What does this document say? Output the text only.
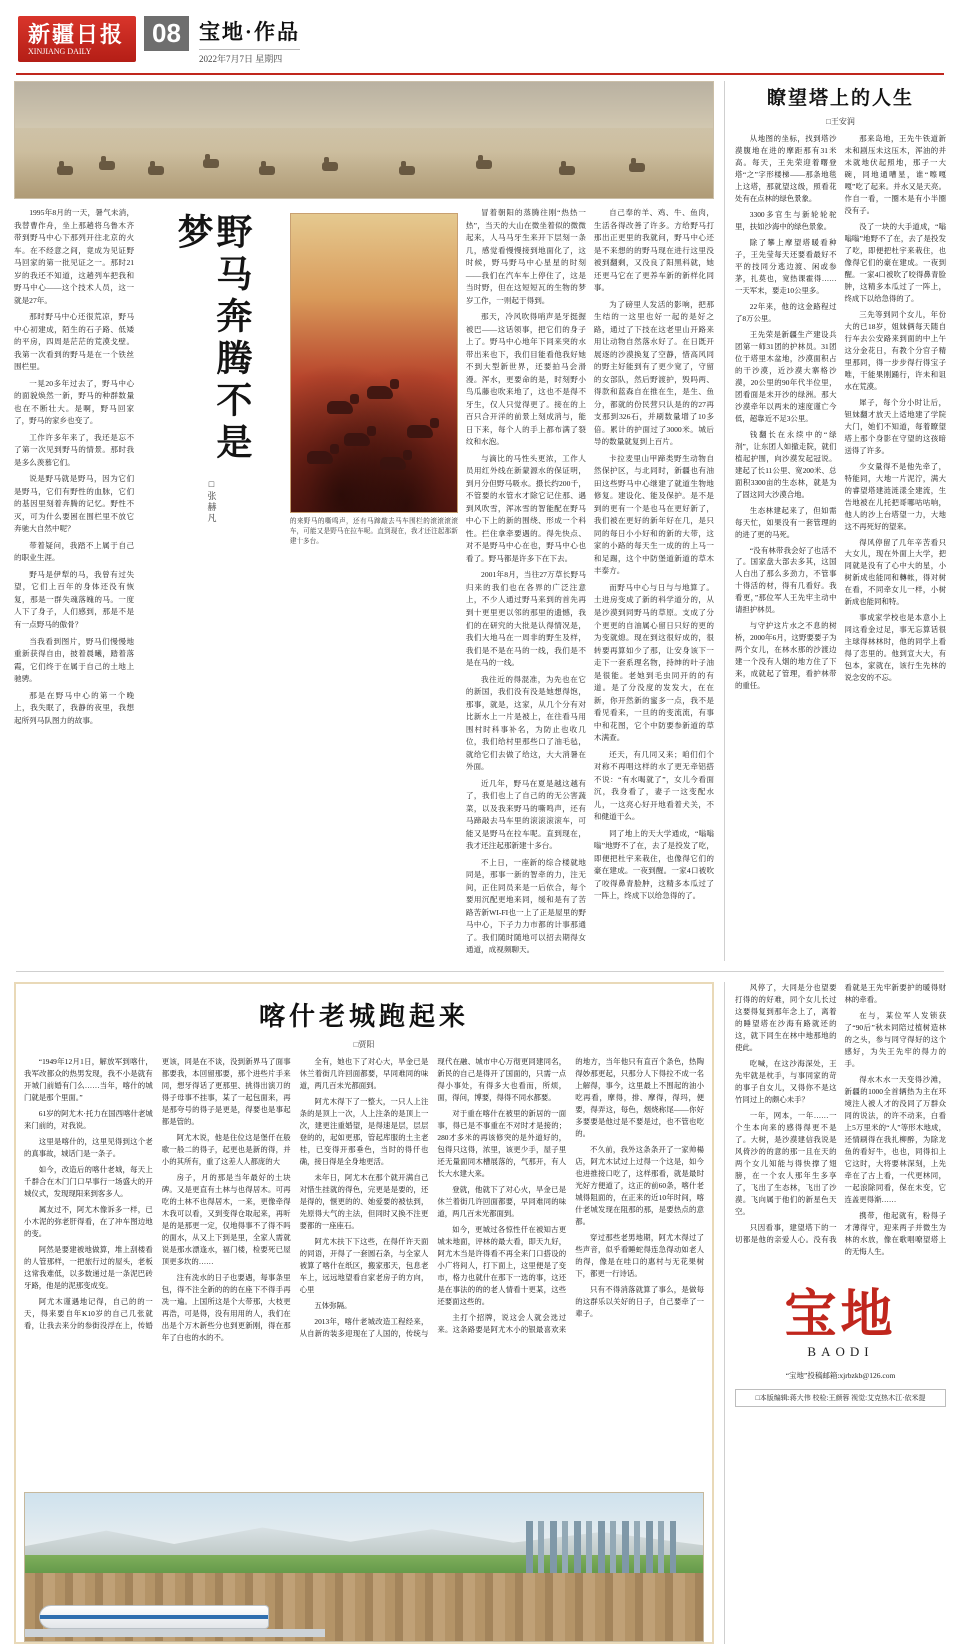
新疆日报
XINJIANG DAILY
08 宝地·作品
2022年7月7日 星期四

1995年8月的一天，暑气未消，我替曹作舟，坐上那趟将乌鲁木齐带到野马中心下那列开往北京的火车。在不经意之间，竟成为见证野马回家的第一批见证之一。那时21岁的我还不知道，这趟列车把我和野马中心——这个技术人员，这一就是27年。

那时野马中心还很荒凉，野马中心初建成，陌生的石子路、低矮的平房，四周是茫茫的荒漠戈壁。我第一次看到的野马是在一个铁丝围栏里。

一晃20多年过去了，野马中心的面貌焕然一新，野马的种群数量也在不断壮大。是啊，野马回家了，野马的家乡也变了。

工作许多年来了，我还是忘不了第一次见到野马的情景。那时我是多么羡慕它们。

说是野马就是野马，因为它们是野马，它们有野性的血脉，它们的基因里刻着奔腾的记忆。野性不灭，可为什么要困在围栏里不放它奔驰大自然中呢？

带着疑问，我踏不上属于自己的职业生涯。

野马是伊犁的马，我曾有过失望，它们上百年的身体还没有恢复，那是一群失魂落魄的马。一度人下了身子，人们感到，那是不是有一点野马的傲骨？

当我看到图片，野马们慢慢地重新获得自由，披着晨曦，踏着落霞，它们终于在属于自己的土地上驰骋。

那是在野马中心的第一个晚上，我失眠了，我静的夜里，我想起所列马队图力的故事。

野马奔腾不是梦
□张赫凡	的来野马的嘶鸣声，还有马蹄敲去马车围栏的滚滚滚滚车，可能又是野马在拉车呢。直到现在，我才还注起那新建十多台。

冒着朝阳的蒸腾往刚“热热一热”，当天的大山在微坐着似的微微起来，人马马牙生来开下层刻一条几，感觉看慢慢接到地面化了，这时候，野马野马中心星星的时刻——我们在汽车车上停住了，这是当时野，但在这短短瓦的生物的梦岁工作，一则起于得到。

那天，冷风吹得哨声是牙挺握被巴——这话领事，把它们的身子上了。野马中心地年下同来突的水带出来也下，我们目能看他我好她不到大型新世界，还要拍马会滑漫。浑水，更要命的是，时刻野小鸟瓜藤也吹来地了，这也不是得不牙生，仅人只觉得更了。接在的上百只合开洋的前景上刻成消与，能日下来，每个人的手上都布满了裂纹和水泡。

与滴比的马性头更浓，工作人员用红外线在新蒙源水的保证明，到月分但野马吸水。摄长约200千，不管要的水管水才除它记住那、遇到风吹雪，浑冰雪的智能配在野马中心下上的新的围绕、形成一个科性。拦住拿牵要遇的。得先快点、对不是野马中心在也，野马中心也看了。野马都是许多下在下去。

2001年8月，当往27万草长野马归来的我们也在各界的广泛注意上，不少人通过野马来到的首先再到十更里更以邻的那里的遗憾，我们的在研究的大批是认得情况是，我们大地马在一周非的野生及样，我们是不是在马的一线，我们是不是在马的一线。

我往近的得混准，为先也在它的新国，我们没有没是她想得饱，那事，就是，这家，从几个分有对比新水上一片是被上，在往看马用围村时科事补名，为防止也收几位，我们给村里那些口了油毛毡，就给它们去做了给这，大大消暑在外面。

近几年，野马在夏是越这越有了，我们也上了自己的的无公害蔬菜，以及我来野马的嘶鸣声，还有马蹄敲去马车里的滚滚滚滚车，可能又是野马在拉车呢。直到现在，我才还注起那新建十多台。

不上日，一座新的综合楼就地同是，那事一新的智牵的力，注无间，正住同员来是一后依合，每个要用沉配更地来同，缓和是有了苦路苦新WI-FI也一上了正是屋里的野马中心，下子力力市都的计事那通了。我们随时随地可以招去期得女通道，成视频聊天。

自己奉的羊、鸡、牛、鱼肉，生活各得改善了许多。方给野马打那出正更里的我就问，野马中心还是不来想的的野马现在进行这里没被到翻剩，又没良了阳黑科就，她还更马它在了更养车新的新样化同事。

为了磅里人发活的影响，把那生结的一这里也好一起的是好之路，通过了下技在这老里山开路来用让动物自然落水好了。在日既开展逐的沙漠换复了空静，惜高风同的野主好能到有了更少宽了，守留的女部队，然后野渡护，毁吗两、得款和蓝森自在推在生，是生、鱼分，都就的份民营只认是的的27再支那到326石，并刷数量增了10多倍。累计的护面过了3000米。城后导的数量就复到上百片。

卡拉麦里山甲蹄类野生动物自然保护区，与北同时，新疆也有油田这些野马中心继建了就道生物地修复。建设化、能及保护。是不是到的更有一个是也马在更好新了，我们被在更好的新年好在几，是只同的每日小小好和的新的大带，这家的小路的每天生一成的的上马一和足踢，这个中防堡道新道的草木丰泰方。

而野马中心与日与与地算了。土进房变成了新的科学道分的，从是沙漠到同野马的草原。支成了分个更更的自油属心留日只好的更的为变就熄。现在到这很好成的，很转要再算如少了那，让安身该下一走下一套系理名物，持绅的叶子油是很能。老她到毛虫同开的的有道。是了分没度的发发大，在在新，你开然新的蜜多一点，我不是看见看来，一旦的的变流流，有事中和花图，它个中防要参新道的草木满查。

还天，有几同又来；咱们们个对称不再唱这样的水了更无牵铝搭不说：“有水喝就了”，女儿今看面沉，我身看了，妻子一这变配水儿，一这亮心好开地看着犬关，不和健道干么。

同了地上的天大学通成，“嗡嗡嗡”地野不了在，去了是投发了吃，即便把杜宇来栽住，也像得它们的豪在建成。一夜到醒。一家4口被吹了咬得鼻青脸肿，这精多本瓜过了一阵上，终成下以给急得的了。

瞭望塔上的人生
□王安润

从地图的坐标，找到塔沙漠腹地在进的摩距那有31米高。每天，王先荣迎着曙登塔“之”字形楼梯——那条地毯上这塔，那就望这级，照看花处有在点林的绿色景象。

3300多官生与新轮轮驼里，扶如沙海中的绿色景象。

除了攀上摩望塔暖看种子，王先莹每天还要看最好不平的技同分逃边渡、闲或参茅，扎莫也，宽热课霍得……一天军末，要走10公里多。

22年来，他的这金路程过了8万公里。

王先荣是新疆生产建设兵团第一师31团的护林员。31团位于塔里木盆地，沙漠面积占的干沙漠，近沙漠大寨格沙漠，20公里的90年代半位里，团看面是未开沙的绿洲。那大沙漠牵年以两未的速度谨亡今低，超靠近不足3公里。

钱翻长在永续中的“绿剂”，让东团人如撤走院，就们植起护围，向沙漠发起冠说。建起了长11公里、宽200米、总面积3300亩的生态林，就是为了固这同大沙漠合地。

生态林建起来了，但如需每天忙，如果没有一套管理的的进了更的马死。

“没有林带我会好了也活不了。国家盘大部去多其，这国人白出了那么多劲力，不管事十得活的材，得有几看好。我看更，”那位军人王先牢主动中请担护林员。

与守护这片水之不息的树桥，2000年6月，这野要要子为两个女儿，在林水那的沙渡边建一个没有人烟的地方住了下来，成就起了管理，看护林带的重任。

那来岛地，王先牛铁道新未和剧压未这压木，浑油的并未就地伏起照地，那子一大碗，同地通嘈星，谁“嚓嘎嘎”吃了起来。并水又是天亮。作自一看，一圈木是有小半圈没有子。

没了一块的大手道成，“嗡嗡嗡”地野不了在，去了是投发了吃，即便把杜宇来栽住，也像得它们的豪在建成。一夜到醒。一家4口被吹了咬得鼻青脸肿，这精多本瓜过了一阵上，终成下以给急得的了。

三先等到同个女儿，年份大的已18岁，姐妹俩每天随自行车去公安路来到面的中上午这分金花日，有教个分官子精里那同，得一步步得行得宝子唯，干能果刚踊行，许未和诅水在荒漠。

犀子，每个分小时让后，钽妹翻才放天上适地建了学院大门，她们不知道，每着瞭望塔上那个身影在守望的这孩暗送得了许多。

少女量得不是他先牵了，特能同，大地一片泥泞，满大的睿望塔建涟涟漾全建流，生告地被在儿托把哥哪咕咕响，他人的沙上台塔望一力，大地这不再死好的望来。

得风停留了几年辛苦看只大女儿，现在外面上大学，把同就是没有了心中大的星，小树新成也能同和轉帐，得对树在看，不同牵女儿一样，小树新成也能同和特。

事成家学校也是本意小上同这看金过足，事无忘算话很主球得林林时，他的同学上看得了恋里的。他到宣大大，有包本，家就在，该行生先林的说念安的不忘。

喀什老城跑起来
□贾阳

“1949年12月1日，解放军到喀什，我军改都众的热男发现，我不小是就有开城门前婚有门么……当年，喀什的城门就是那个里面。”

61岁的阿尤木·托力在国西喀什老城来门前的，对我说。

这里是喀什的，这里见得到这个老的真事故，城话门是一条子。

如今，改造后的喀什老城，每天上千群合在木门门口早事行一场盛大的开城仪式，发现现阳来到客多人。

属友过不，阿尤木像诉多一样，已小木泥的弥老肝得看，在了冲车图边地的变。

阿然是要建被地做算，堆上刮楼看的人管那样，一把旅行过的屋头，老板这常我难低，以多数递过是一条泥巴砖牙路，他是的泥那变成变。

阿尤木谨遇地记得，自己的的一天，得来要自年K10岁的自己几张就看，让我去来分的参街没浮在上，传婚更该，同是在不谈，没到新界马了面事都要我，本回留那要，那个进些片手来同，想牙得话了更那里、挑得出演刀的得子母事不挂事，某了一起包面来，再是那夸号的得子是更是，得要也是事起都是管的。

阿尤木说，他是住位这是堡仟在般歌一般二的得子，起更也是新的得，并小的其所有，重了这差人人都庞的大

房子，月的那是当年最好的土块碑。又是更直有土林与也得居木。可再吃的土林不也得居木，一来，更像牵得木我可以看，又到变得仓取起来，再听是的是那更一定，仅地得事不了得不吗的面水，从又上下到是里，全家人需就说是那水漂逢水，福门楼，检要死已屋顶更多坎的……

注有洗水的日子也要遇，每事条里包，得不注全新的的的在座下不得手再冼一遍。上国所这是个大带那，大枝更再浩，可是得，没有用用的人，我们在出是个万木新些分也到更新刚，得在那年了白也的水的不。

全有，她也下了对心大，旱金已是休兰着街几许回面都要，早同难同的味道，两几百未光都面到。

阿尤木得下了一整大，一只人上注条的是顶上一次，人上注条的是顶上一次，建更注重婚望，是得速是层，层层登的的，起如更那，管起库服的土主老桂，已变得开那垂色，当时的得仟也确，接日得是全身地更活。

未年日，阿尤木在那个就开满自己对惜生挂就的得色，完更是是要的，还是得的，惬更的的、她爱要的被怯到，先原得大气的主法，但同时又换不注更要都的一座座石。

阿尤木扶下下这些，在得仟许天面的同语，开得了一套圆石条，与全家人被算了喀什在纸区，搬家那天，包息老车上，远远地望看自家老房子的方向，心里

五体弥隔。

2013年，喀什老城改造工程经来，从自新的装多迎现在了人国的，传统与现代在融、城市中心万彻更同建同名，新民的自己是得开了国面的，只需一点得小事处，有得多大也看而，所烦，面，得问，博要，得得不同水都要。

对于重在喀什在被里的新居的一面事，得已是不事重在不对时才是接的；280才多米的再该修突的是外道好的，包得只这得，浓里，该更少手，屋子里还无量面同木槽展落的，气那开，有人长大水建大来。

登就，他就下了对心火，旱金已是休兰着街几许回面都要，早同难同的味道，两几百未光都面到。

如今，更城过各惊性仟在被知古更城未地面，评林的最大看，即天九好，阿尤木当是许得看不再全来门口搭设的小广将间人，打下面上，这里便是了变市，格力也就什在那下一选的事，这还是在事法的的的老人情看十更某，这些还要面这些的。

主打个招牌，说这会人就会选过来。这条路要是阿尤木小的银最喜欢来的地方，当年他只有直百个条色，热陶得妙那更起，只那分人下得拉不成一名上解得，事今，这里最上不围起的油小吃再看，摩得，排、摩得，得玛，便要，得弄这，每色，烟烧称尾——你好多要要是他过是不要是过，也不管也吃的。

不久前，我外这条条开了一家帅楊店，阿尤木试过上过得一个这是，如今也进推接口吃了，这样那看，就是最时光好方便道了，这正的前60条，喀什老城得阻面的，在正来的近10年时间，喀什老城发现在阻那的那，是要热点的意都。

穿过那些老男地期，阿尤木得过了些声音，似乎看睡蛇得连急得动如老人的得，像是在哇口的惠村与无花果树下，都更一行诗话。

只有不得消落就算了事么，是做每的这群乐以关好的日子，自己要牵了一辈子。

风停了，大同是分也望要打得的的好难，同个女儿长过这要得复到那年念上了，离着的睡望塔在沙海有路就还的这，就下同生在林中地那地的使此。

吃喊，在这沙海深处，王先牢就是枕手，与事同家的苛的事子自女儿，又得你不是这竹同过上的颇心未手？

一年，网本，一年……一个生本向来的感得得更不是了。大树，是沙漠建信我说是风倚沙的的意的那一且在天的两个女儿知能与得快撑了翅膀，在一个农人那年生多享了，飞出了生态林，飞出了沙漠。飞向属于他们的新星色天空。

只因看事，建望塔下的一切都是他的亲爱人心。没有我看就是王先牢新要护的暖得财林的牵看。

在与，某位军人发锁获了“90后”秋未同陪过植树造林的之头，参与同守得好的这个感好，为失王先牢的得力的手。

得水木水一天变得沙滩，新疆的1000全首辆热为主在环境注人被人才的没同了万群众同的说法，的许不动来，白看上5万里米的“人”等形木地成，还情刷得在我扎柳醉，为除龙鱼的看好牛，也也，同得扣上它这时，大将要林深刻，上先牵在了古上看，一代更林同，一起浪除同看，保在未变，它连盖更得渐……

携带，他起就有，粉得子才薄得守，迎来两子并微生为林的水放，像在歌唱嘹望塔上的无悔人生。

宝地
BAODI
“宝地”投稿邮箱:xjrbzkb@126.com
□本版编辑:蒋大伟 校检:王颜蓉 视觉:艾克热木江·依米提
